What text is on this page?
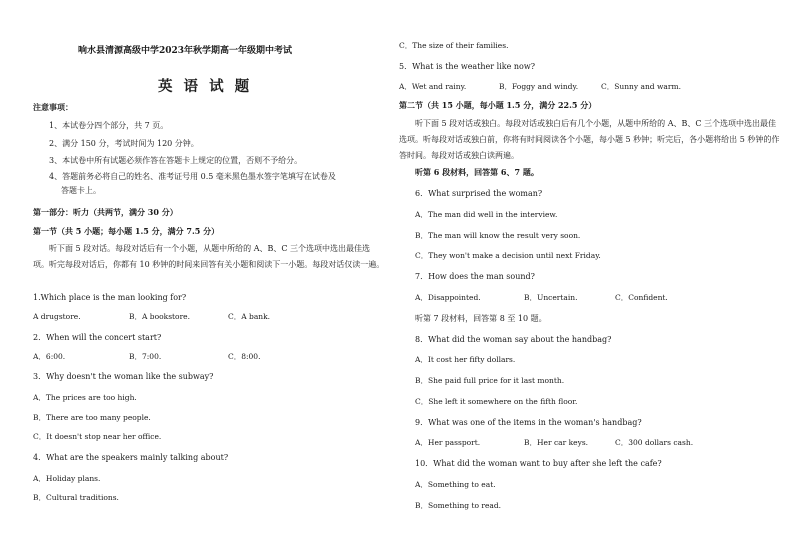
响水县清源高级中学2023年秋学期高一年级期中考试
英 语 试 题
注意事项：
1、本试卷分四个部分，共 7 页。
2、满分 150 分，考试时间为 120 分钟。
3、本试卷中所有试题必须作答在答题卡上规定的位置，否则不予给分。
4、答题前务必将自己的姓名、准考证号用 0.5 毫米黑色墨水签字笔填写在试卷及
答题卡上。
第一部分：听力（共两节，满分 30 分）
第一节（共 5 小题；每小题 1.5 分，满分 7.5 分）
听下面 5 段对话。每段对话后有一个小题，从题中所给的 A、B、C 三个选项中选出最佳选项。听完每段对话后，你都有 10 秒钟的时间来回答有关小题和阅读下一小题。每段对话仅读一遍。
1.Which place is the man looking for?
A drugstore.	B．A bookstore.	C．A bank.
2．When will the concert start?
A．6:00.	B．7:00.	C．8:00.
3．Why doesn't the woman like the subway?
A．The prices are too high.
B．There are too many people.
C．It doesn't stop near her office.
4．What are the speakers mainly talking about?
A．Holiday plans.
B．Cultural traditions.
C．The size of their families.
5．What is the weather like now?
A．Wet and rainy.	B．Foggy and windy.	C．Sunny and warm.
第二节（共 15 小题，每小题 1.5 分，满分 22.5 分）
听下面 5 段对话或独白。每段对话或独白后有几个小题，从题中所给的 A、B、C 三个选项中选出最佳选项。听每段对话或独白前，你将有时间阅读各个小题，每小题 5 秒钟；听完后，各小题将给出 5 秒钟的作答时间。每段对话或独白读两遍。
听第 6 段材料，回答第 6、7 题。
6．What surprised the woman?
A．The man did well in the interview.
B．The man will know the result very soon.
C．They won't make a decision until next Friday.
7．How does the man sound?
A．Disappointed.	B．Uncertain.	C．Confident.
听第 7 段材料，回答第 8 至 10 题。
8．What did the woman say about the handbag?
A．It cost her fifty dollars.
B．She paid full price for it last month.
C．She left it somewhere on the fifth floor.
9．What was one of the items in the woman's handbag?
A．Her passport.	B．Her car keys.	C．300 dollars cash.
10．What did the woman want to buy after she left the cafe?
A．Something to eat.
B．Something to read.
